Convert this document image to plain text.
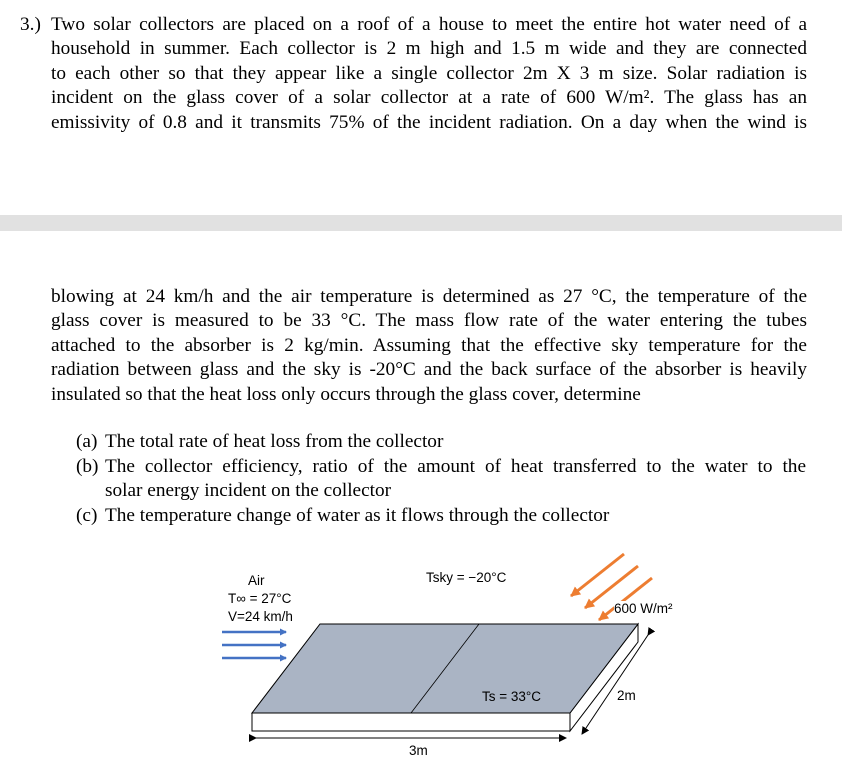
3.) Two solar collectors are placed on a roof of a house to meet the entire hot water need of a
household in summer. Each collector is 2 m high and 1.5 m wide and they are connected
to each other so that they appear like a single collector 2m X 3 m size. Solar radiation is
incident on the glass cover of a solar collector at a rate of 600 W/m². The glass has an
emissivity of 0.8 and it transmits 75% of the incident radiation. On a day when the wind is
blowing at 24 km/h and the air temperature is determined as 27 °C, the temperature of the
glass cover is measured to be 33 °C. The mass flow rate of the water entering the tubes
attached to the absorber is 2 kg/min. Assuming that the effective sky temperature for the
radiation between glass and the sky is -20°C and the back surface of the absorber is heavily
insulated so that the heat loss only occurs through the glass cover, determine
(a) The total rate of heat loss from the collector
(b) The collector efficiency, ratio of the amount of heat transferred to the water to the
solar energy incident on the collector
(c) The temperature change of water as it flows through the collector
Air
T∞ = 27°C
V=24 km/h
Tsky = −20°C
600 W/m²
Ts = 33°C
3m
2m
